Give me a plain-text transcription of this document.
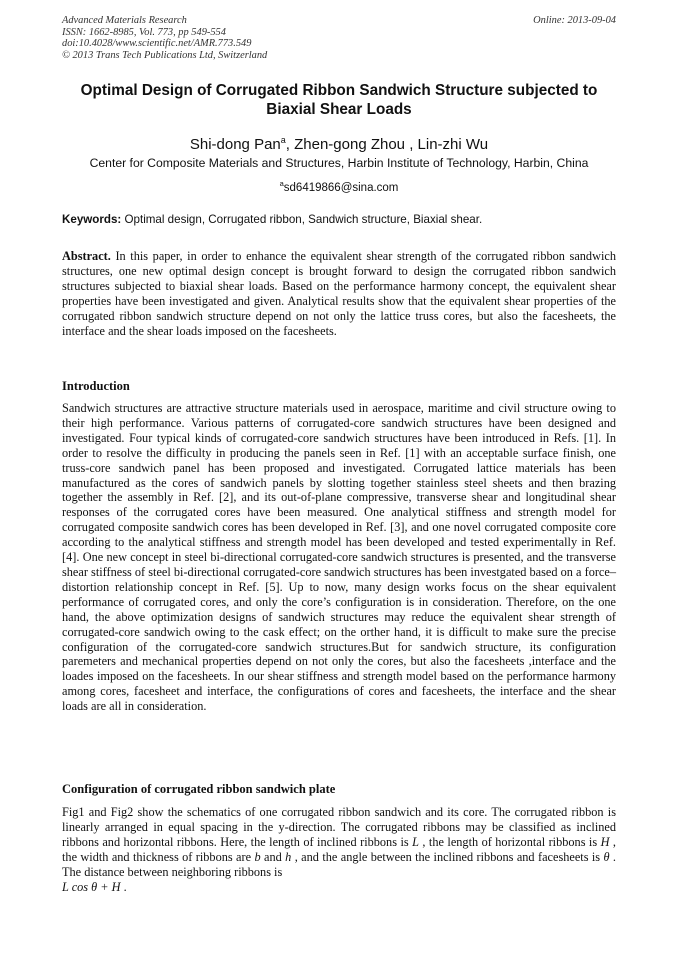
Advanced Materials Research
ISSN: 1662-8985, Vol. 773, pp 549-554
doi:10.4028/www.scientific.net/AMR.773.549
© 2013 Trans Tech Publications Ltd, Switzerland
Online: 2013-09-04
Optimal Design of Corrugated Ribbon Sandwich Structure subjected to Biaxial Shear Loads
Shi-dong Pan$^a$, Zhen-gong Zhou , Lin-zhi Wu
Center for Composite Materials and Structures, Harbin Institute of Technology, Harbin, China
$^a$sd6419866@sina.com
Keywords: Optimal design, Corrugated ribbon, Sandwich structure, Biaxial shear.
Abstract. In this paper, in order to enhance the equivalent shear strength of the corrugated ribbon sandwich structures, one new optimal design concept is brought forward to design the corrugated ribbon sandwich structures subjected to biaxial shear loads. Based on the performance harmony concept, the equivalent shear properties have been investigated and given. Analytical results show that the equivalent shear properties of the corrugated ribbon sandwich structure depend on not only the lattice truss cores, but also the facesheets, the interface and the shear loads imposed on the facesheets.
Introduction
Sandwich structures are attractive structure materials used in aerospace, maritime and civil structure owing to their high performance. Various patterns of corrugated-core sandwich structures have been designed and investigated. Four typical kinds of corrugated-core sandwich structures have been introduced in Refs. [1]. In order to resolve the difficulty in producing the panels seen in Ref. [1] with an acceptable surface finish, one truss-core sandwich panel has been proposed and investigated. Corrugated lattice materials has been manufactured as the cores of sandwich panels by slotting together stainless steel sheets and then brazing together the assembly in Ref. [2], and its out-of-plane compressive, transverse shear and longitudinal shear responses of the corrugated cores have been measured. One analytical stiffness and strength model for corrugated composite sandwich cores has been developed in Ref. [3], and one novel corrugated composite core according to the analytical stiffness and strength model has been developed and tested experimentally in Ref. [4]. One new concept in steel bi-directional corrugated-core sandwich structures is presented, and the transverse shear stiffness of steel bi-directional corrugated-core sandwich structures has been investgated based on a force–distortion relationship concept in Ref. [5]. Up to now, many design works focus on the shear equivalent performance of corrugated cores, and only the core’s configuration is in consideration. Therefore, on the one hand, the above optimization designs of sandwich structures may reduce the equivalent shear strength of corrugated-core sandwich owing to the cask effect; on the orther hand, it is difficult to make sure the precise configuration of the corrugated-core sandwich structures.But for sandwich structure, its configuration paremeters and mechanical properties depend on not only the cores, but also the facesheets ,interface and the loades imposed on the facesheets. In our shear stiffness and strength model based on the performance harmony among cores, facesheet and interface, the configurations of cores and facesheets, the interface and the shear loads are all in consideration.
Configuration of corrugated ribbon sandwich plate
Fig1 and Fig2 show the schematics of one corrugated ribbon sandwich and its core. The corrugated ribbon is linearly arranged in equal spacing in the y-direction. The corrugated ribbons may be classified as inclined ribbons and horizontal ribbons. Here, the length of inclined ribbons is L , the length of horizontal ribbons is H , the width and thickness of ribbons are b and h , and the angle between the inclined ribbons and facesheets is θ . The distance between neighboring ribbons is
L cos θ + H .
